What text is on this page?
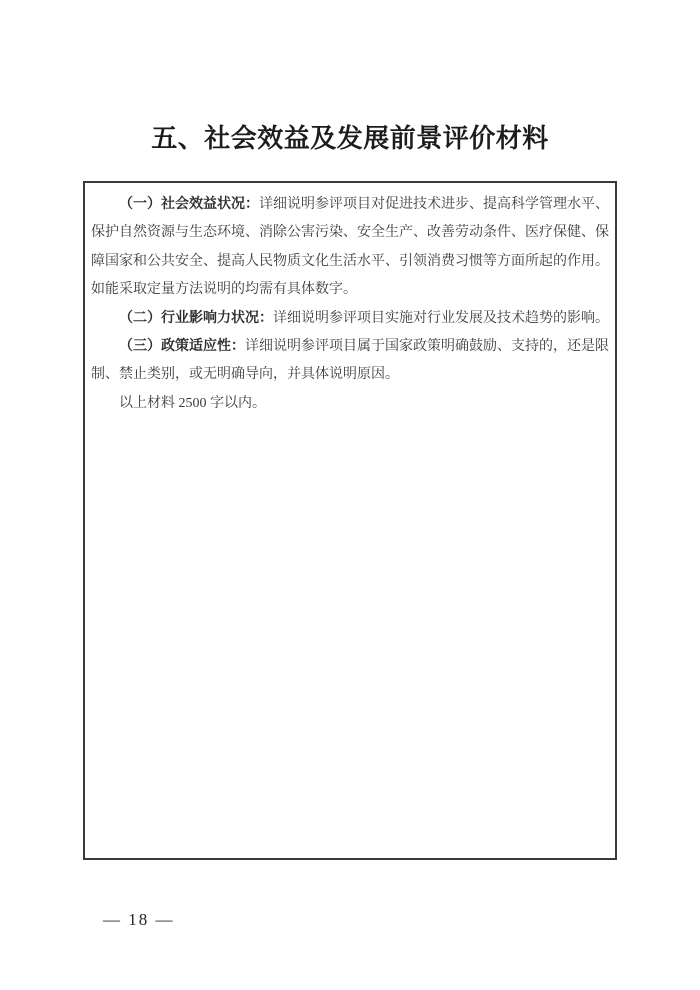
五、社会效益及发展前景评价材料

（一）社会效益状况：详细说明参评项目对促进技术进步、提高科学管理水平、保护自然资源与生态环境、消除公害污染、安全生产、改善劳动条件、医疗保健、保障国家和公共安全、提高人民物质文化生活水平、引领消费习惯等方面所起的作用。如能采取定量方法说明的均需有具体数字。

（二）行业影响力状况：详细说明参评项目实施对行业发展及技术趋势的影响。

（三）政策适应性：详细说明参评项目属于国家政策明确鼓励、支持的，还是限制、禁止类别，或无明确导向，并具体说明原因。

以上材料 2500 字以内。

— 18 —
